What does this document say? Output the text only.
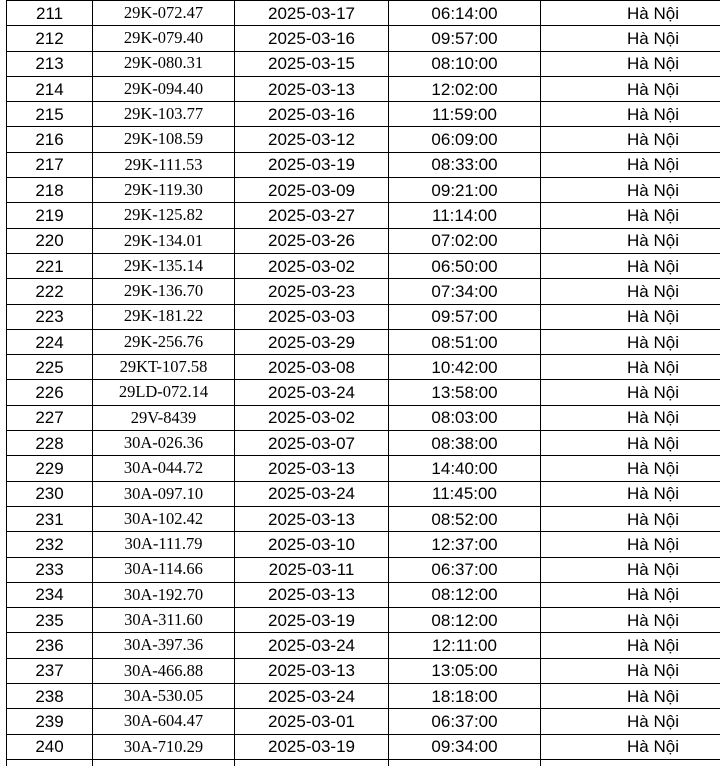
211	29K-072.47	2025-03-17	06:14:00	Hà Nội
212	29K-079.40	2025-03-16	09:57:00	Hà Nội
213	29K-080.31	2025-03-15	08:10:00	Hà Nội
214	29K-094.40	2025-03-13	12:02:00	Hà Nội
215	29K-103.77	2025-03-16	11:59:00	Hà Nội
216	29K-108.59	2025-03-12	06:09:00	Hà Nội
217	29K-111.53	2025-03-19	08:33:00	Hà Nội
218	29K-119.30	2025-03-09	09:21:00	Hà Nội
219	29K-125.82	2025-03-27	11:14:00	Hà Nội
220	29K-134.01	2025-03-26	07:02:00	Hà Nội
221	29K-135.14	2025-03-02	06:50:00	Hà Nội
222	29K-136.70	2025-03-23	07:34:00	Hà Nội
223	29K-181.22	2025-03-03	09:57:00	Hà Nội
224	29K-256.76	2025-03-29	08:51:00	Hà Nội
225	29KT-107.58	2025-03-08	10:42:00	Hà Nội
226	29LD-072.14	2025-03-24	13:58:00	Hà Nội
227	29V-8439	2025-03-02	08:03:00	Hà Nội
228	30A-026.36	2025-03-07	08:38:00	Hà Nội
229	30A-044.72	2025-03-13	14:40:00	Hà Nội
230	30A-097.10	2025-03-24	11:45:00	Hà Nội
231	30A-102.42	2025-03-13	08:52:00	Hà Nội
232	30A-111.79	2025-03-10	12:37:00	Hà Nội
233	30A-114.66	2025-03-11	06:37:00	Hà Nội
234	30A-192.70	2025-03-13	08:12:00	Hà Nội
235	30A-311.60	2025-03-19	08:12:00	Hà Nội
236	30A-397.36	2025-03-24	12:11:00	Hà Nội
237	30A-466.88	2025-03-13	13:05:00	Hà Nội
238	30A-530.05	2025-03-24	18:18:00	Hà Nội
239	30A-604.47	2025-03-01	06:37:00	Hà Nội
240	30A-710.29	2025-03-19	09:34:00	Hà Nội
